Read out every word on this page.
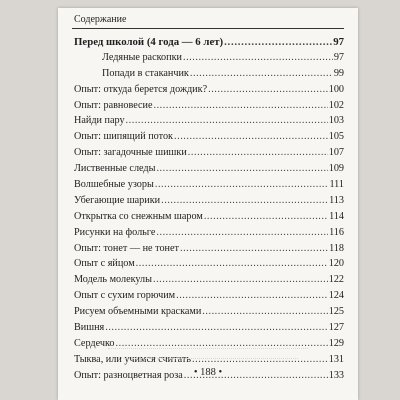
Содержание
Перед школой (4 года — 6 лет) . . .	97
Ледяные раскопки . . .	97
Попади в стаканчик . . .	99
Опыт: откуда берется дождик? . . .	100
Опыт: равновесие . . .	102
Найди пару . . .	103
Опыт: шипящий поток . . .	105
Опыт: загадочные шишки . . .	107
Лиственные следы . . .	109
Волшебные узоры . . .	111
Убегающие шарики . . .	113
Открытка со снежным шаром . . .	114
Рисунки на фольге . . .	116
Опыт: тонет — не тонет . . .	118
Опыт с яйцом . . .	120
Модель молекулы . . .	122
Опыт с сухим горючим . . .	124
Рисуем объемными красками . . .	125
Вишня . . .	127
Сердечко . . .	129
Тыква, или учимся считать . . .	131
Опыт: разноцветная роза . . .	133
• 188 •
